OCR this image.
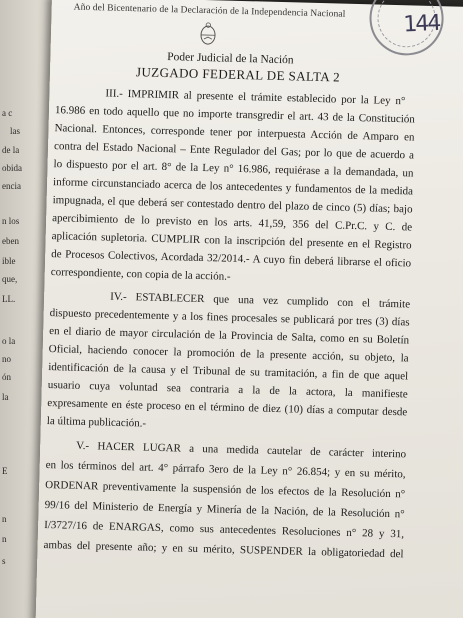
a c
las
de la
obida
encia
n los
eben
ible
que,
LL.
o la
no
ón
la
E
n
n
s
Año del Bicentenario de la Declaración de la Independencia Nacional	144
Poder Judicial de la Nación
JUZGADO FEDERAL DE SALTA 2
III.- IMPRIMIR al presente el trámite establecido por la Ley n°
16.986 en todo aquello que no importe transgredir el art. 43 de la Constitución
Nacional. Entonces, corresponde tener por interpuesta Acción de Amparo en
contra del Estado Nacional – Ente Regulador del Gas; por lo que de acuerdo a
lo dispuesto por el art. 8° de la Ley n° 16.986, requiérase a la demandada, un
informe circunstanciado acerca de los antecedentes y fundamentos de la medida
impugnada, el que deberá ser contestado dentro del plazo de cinco (5) días; bajo
apercibimiento de lo previsto en los arts. 41,59, 356 del C.Pr.C. y C. de
aplicación supletoria. CUMPLIR con la inscripción del presente en el Registro
de Procesos Colectivos, Acordada 32/2014.- A cuyo fin deberá librarse el oficio
correspondiente, con copia de la acción.-
IV.- ESTABLECER que una vez cumplido con el trámite
dispuesto precedentemente y a los fines procesales se publicará por tres (3) días
en el diario de mayor circulación de la Provincia de Salta, como en su Boletín
Oficial, haciendo conocer la promoción de la presente acción, su objeto, la
identificación de la causa y el Tribunal de su tramitación, a fin de que aquel
usuario cuya voluntad sea contraria a la de la actora, la manifieste
expresamente en éste proceso en el término de diez (10) días a computar desde
la última publicación.-
V.- HACER LUGAR a una medida cautelar de carácter interino
en los términos del art. 4° párrafo 3ero de la Ley n° 26.854; y en su mérito,
ORDENAR preventivamente la suspensión de los efectos de la Resolución n°
99/16 del Ministerio de Energía y Minería de la Nación, de la Resolución n°
I/3727/16 de ENARGAS, como sus antecedentes Resoluciones n° 28 y 31,
ambas del presente año; y en su mérito, SUSPENDER la obligatoriedad del
